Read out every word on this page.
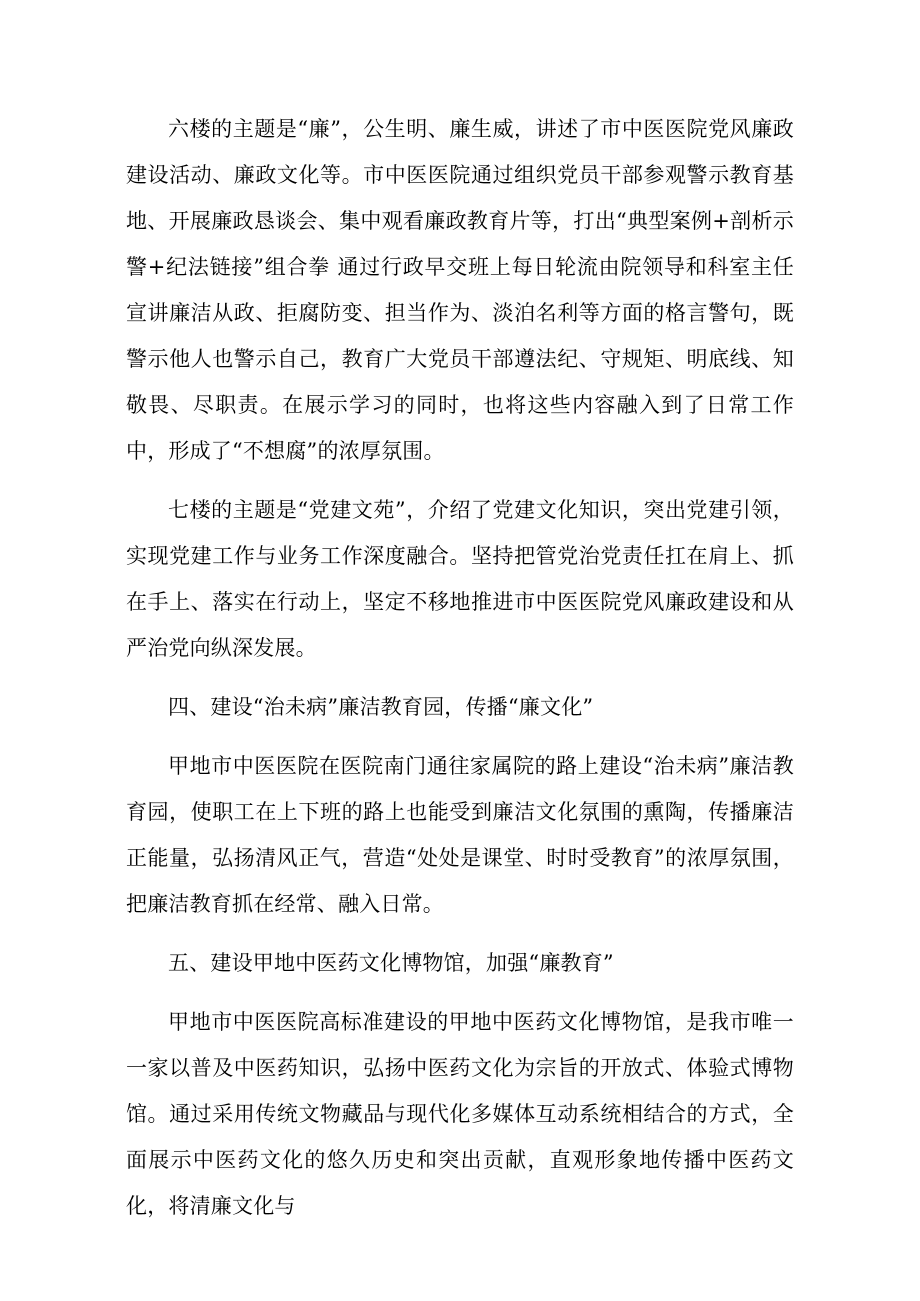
六楼的主题是“廉”，公生明、廉生威，讲述了市中医医院党风廉政建设活动、廉政文化等。市中医医院通过组织党员干部参观警示教育基地、开展廉政恳谈会、集中观看廉政教育片等，打出“典型案例+剖析示警+纪法链接”组合拳 通过行政早交班上每日轮流由院领导和科室主任宣讲廉洁从政、拒腐防变、担当作为、淡泊名利等方面的格言警句，既警示他人也警示自己，教育广大党员干部遵法纪、守规矩、明底线、知敬畏、尽职责。在展示学习的同时，也将这些内容融入到了日常工作中，形成了“不想腐”的浓厚氛围。

七楼的主题是“党建文苑”，介绍了党建文化知识，突出党建引领，实现党建工作与业务工作深度融合。坚持把管党治党责任扛在肩上、抓在手上、落实在行动上，坚定不移地推进市中医医院党风廉政建设和从严治党向纵深发展。

四、建设“治未病”廉洁教育园，传播“廉文化”

甲地市中医医院在医院南门通往家属院的路上建设“治未病”廉洁教育园，使职工在上下班的路上也能受到廉洁文化氛围的熏陶，传播廉洁正能量，弘扬清风正气，营造“处处是课堂、时时受教育”的浓厚氛围，把廉洁教育抓在经常、融入日常。

五、建设甲地中医药文化博物馆，加强“廉教育”

甲地市中医医院高标准建设的甲地中医药文化博物馆，是我市唯一一家以普及中医药知识，弘扬中医药文化为宗旨的开放式、体验式博物馆。通过采用传统文物藏品与现代化多媒体互动系统相结合的方式，全面展示中医药文化的悠久历史和突出贡献，直观形象地传播中医药文化，将清廉文化与
